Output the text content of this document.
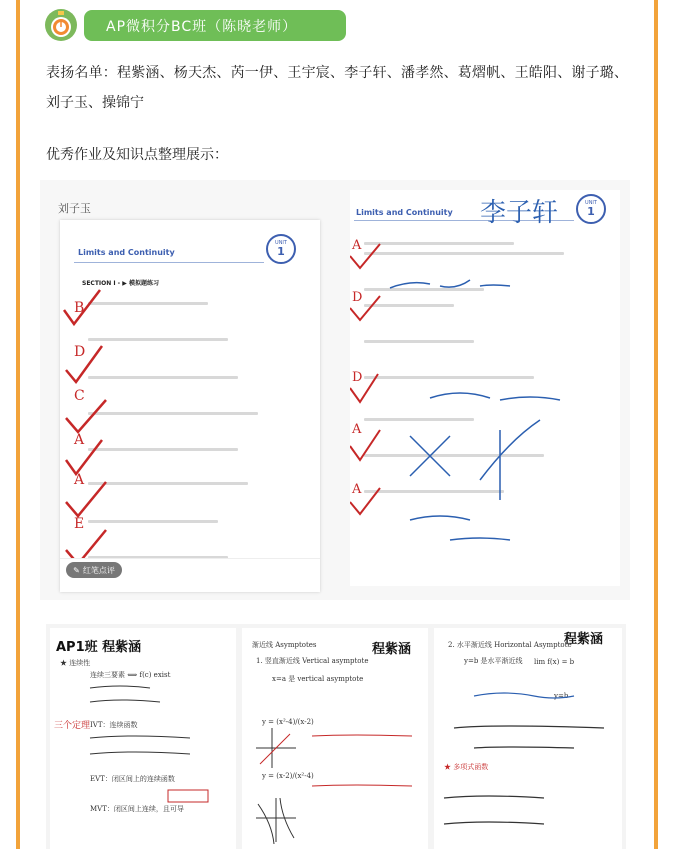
AP微积分BC班（陈晓老师）
表扬名单：程紫涵、杨天杰、芮一伊、王宇宸、李子轩、潘孝然、葛熠帆、王皓阳、谢子璐、刘子玉、操锦宁
优秀作业及知识点整理展示：
刘子玉
Limits and Continuity
UNIT
1
SECTION I - ▶ 模拟题练习
B
D
C
A
A
E
✎ 红笔点评
Limits and Continuity 李子轩	UNIT
1
A
D
D
A
A
AP1班 程紫涵
★ 连续性
连续三要素 ⟺ f(c) exist
三个定理 IVT：连续函数
EVT：闭区间上的连续函数
MVT：闭区间上连续，且可导
程紫涵
渐近线 Asymptotes
1. 竖直渐近线 Vertical asymptote
x=a 是 vertical asymptote
y = (x²-4)/(x-2)
y = (x-2)/(x²-4)
程紫涵
2. 水平渐近线 Horizontal Asymptote
y=b 是水平渐近线 lim f(x) = b
y=b
★ 多项式函数
